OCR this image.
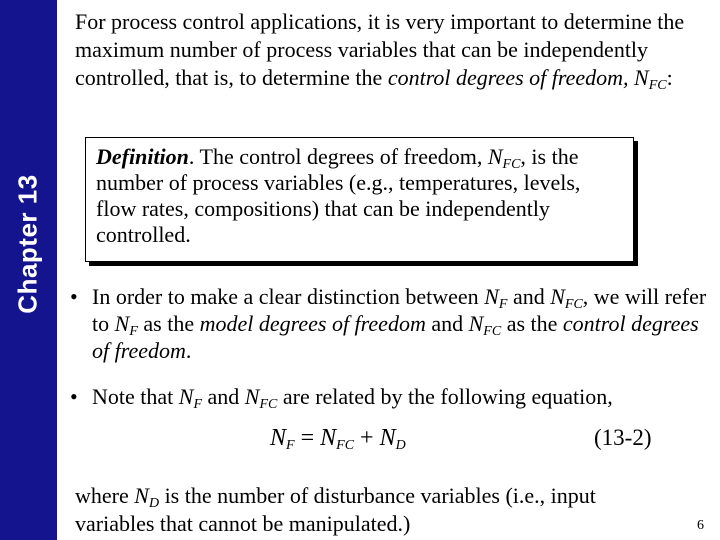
Chapter 13
For process control applications, it is very important to determine the maximum number of process variables that can be independently controlled, that is, to determine the control degrees of freedom, $N_{FC}$:
Definition. The control degrees of freedom, $N_{FC}$, is the number of process variables (e.g., temperatures, levels, flow rates, compositions) that can be independently controlled.
• In order to make a clear distinction between $N_F$ and $N_{FC}$, we will refer to $N_F$ as the model degrees of freedom and $N_{FC}$ as the control degrees of freedom.
• Note that $N_F$ and $N_{FC}$ are related by the following equation,
$N_F = N_{FC} + N_D$	(13-2)
where $N_D$ is the number of disturbance variables (i.e., input variables that cannot be manipulated.)	6
